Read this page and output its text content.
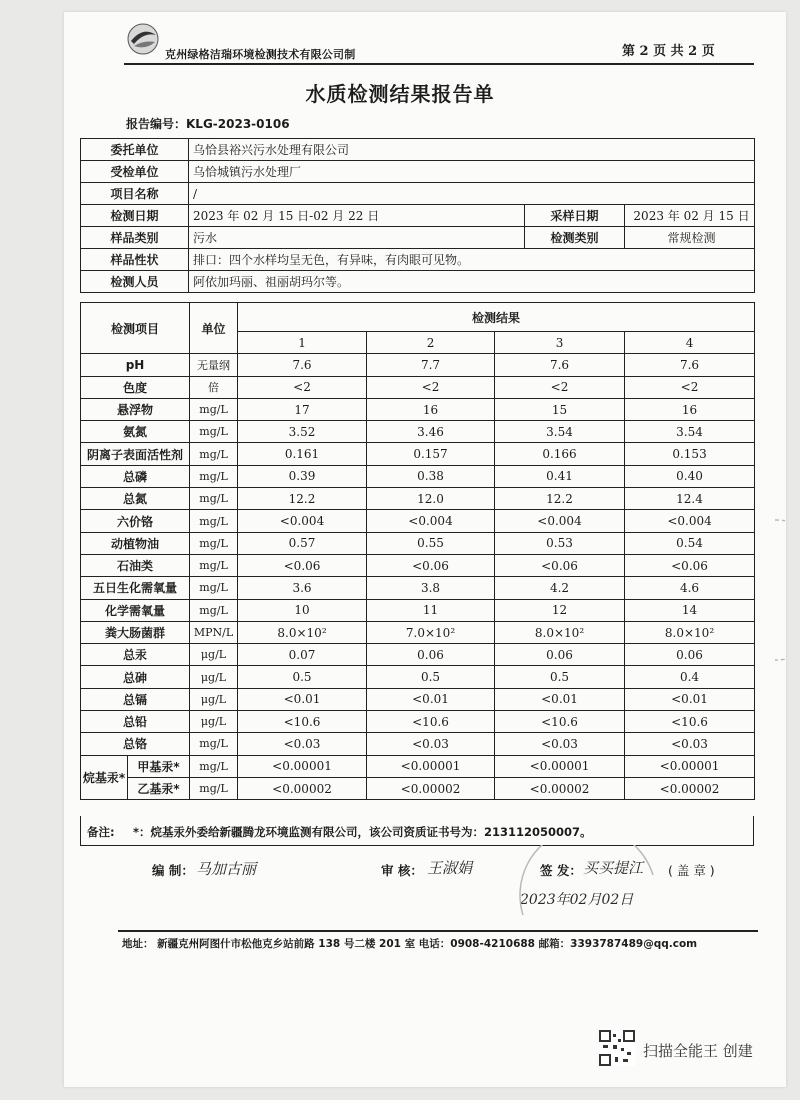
克州绿格洁瑞环境检测技术有限公司制	第 2 页 共 2 页
水质检测结果报告单
报告编号：KLG-2023-0106
委托单位	乌恰县裕兴污水处理有限公司		
受检单位	乌恰城镇污水处理厂		
项目名称	/		
检测日期	2023 年 02 月 15 日-02 月 22 日	采样日期	2023 年 02 月 15 日
样品类别	污水	检测类别	常规检测
样品性状	排口：四个水样均呈无色，有异味，有肉眼可见物。		
检测人员	阿依加玛丽、祖丽胡玛尔等。		
检测项目		单位	检测结果			
			1	2	3	4
pH		无量纲	7.6	7.7	7.6	7.6
色度		倍	<2	<2	<2	<2
悬浮物		mg/L	17	16	15	16
氨氮		mg/L	3.52	3.46	3.54	3.54
阴离子表面活性剂		mg/L	0.161	0.157	0.166	0.153
总磷		mg/L	0.39	0.38	0.41	0.40
总氮		mg/L	12.2	12.0	12.2	12.4
六价铬		mg/L	<0.004	<0.004	<0.004	<0.004
动植物油		mg/L	0.57	0.55	0.53	0.54
石油类		mg/L	<0.06	<0.06	<0.06	<0.06
五日生化需氧量		mg/L	3.6	3.8	4.2	4.6
化学需氧量		mg/L	10	11	12	14
粪大肠菌群		MPN/L	8.0×10²	7.0×10²	8.0×10²	8.0×10²
总汞		μg/L	0.07	0.06	0.06	0.06
总砷		μg/L	0.5	0.5	0.5	0.4
总镉		μg/L	<0.01	<0.01	<0.01	<0.01
总铅		μg/L	<10.6	<10.6	<10.6	<10.6
总铬		mg/L	<0.03	<0.03	<0.03	<0.03
烷基汞*	甲基汞*	mg/L	<0.00001	<0.00001	<0.00001	<0.00001
	乙基汞*	mg/L	<0.00002	<0.00002	<0.00002	<0.00002
备注: *：烷基汞外委给新疆腾龙环境监测有限公司，该公司资质证书号为：213112050007。
编 制： 马加古丽	审 核： 王淑娟	签 发： 买买提江 ( 盖 章 )
2023年02月02日
地址： 新疆克州阿图什市松他克乡站前路 138 号二楼 201 室 电话：0908-4210688 邮箱：3393787489@qq.com
扫描全能王 创建
